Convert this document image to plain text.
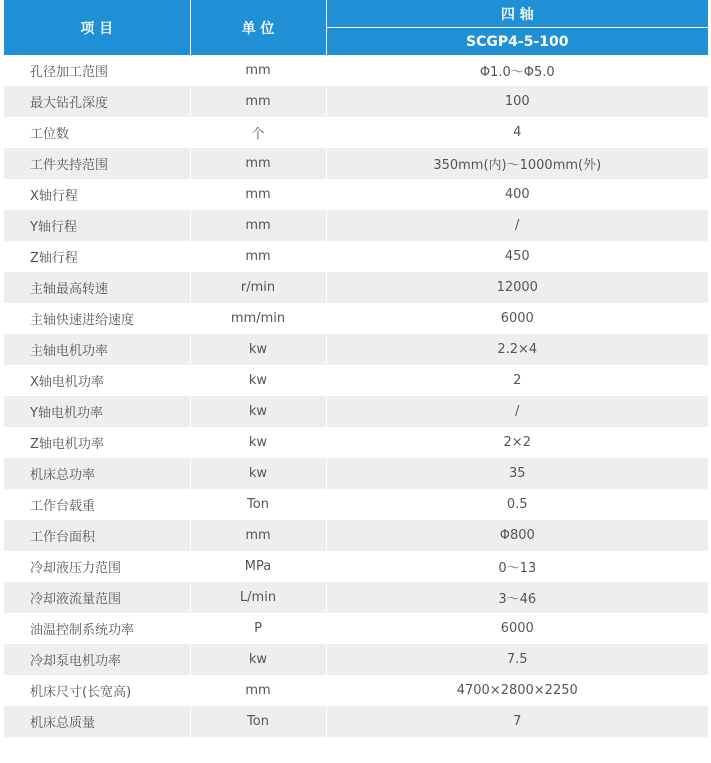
项 目	单 位	四 轴
		SCGP4-5-100
孔径加工范围	mm	Φ1.0～Φ5.0
最大钻孔深度	mm	100
工位数	个	4
工件夹持范围	mm	350mm(内)～1000mm(外)
X轴行程	mm	400
Y轴行程	mm	/
Z轴行程	mm	450
主轴最高转速	r/min	12000
主轴快速进给速度	mm/min	6000
主轴电机功率	kw	2.2×4
X轴电机功率	kw	2
Y轴电机功率	kw	/
Z轴电机功率	kw	2×2
机床总功率	kw	35
工作台载重	Ton	0.5
工作台面积	mm	Φ800
冷却液压力范围	MPa	0～13
冷却液流量范围	L/min	3～46
油温控制系统功率	P	6000
冷却泵电机功率	kw	7.5
机床尺寸(长宽高)	mm	4700×2800×2250
机床总质量	Ton	7
